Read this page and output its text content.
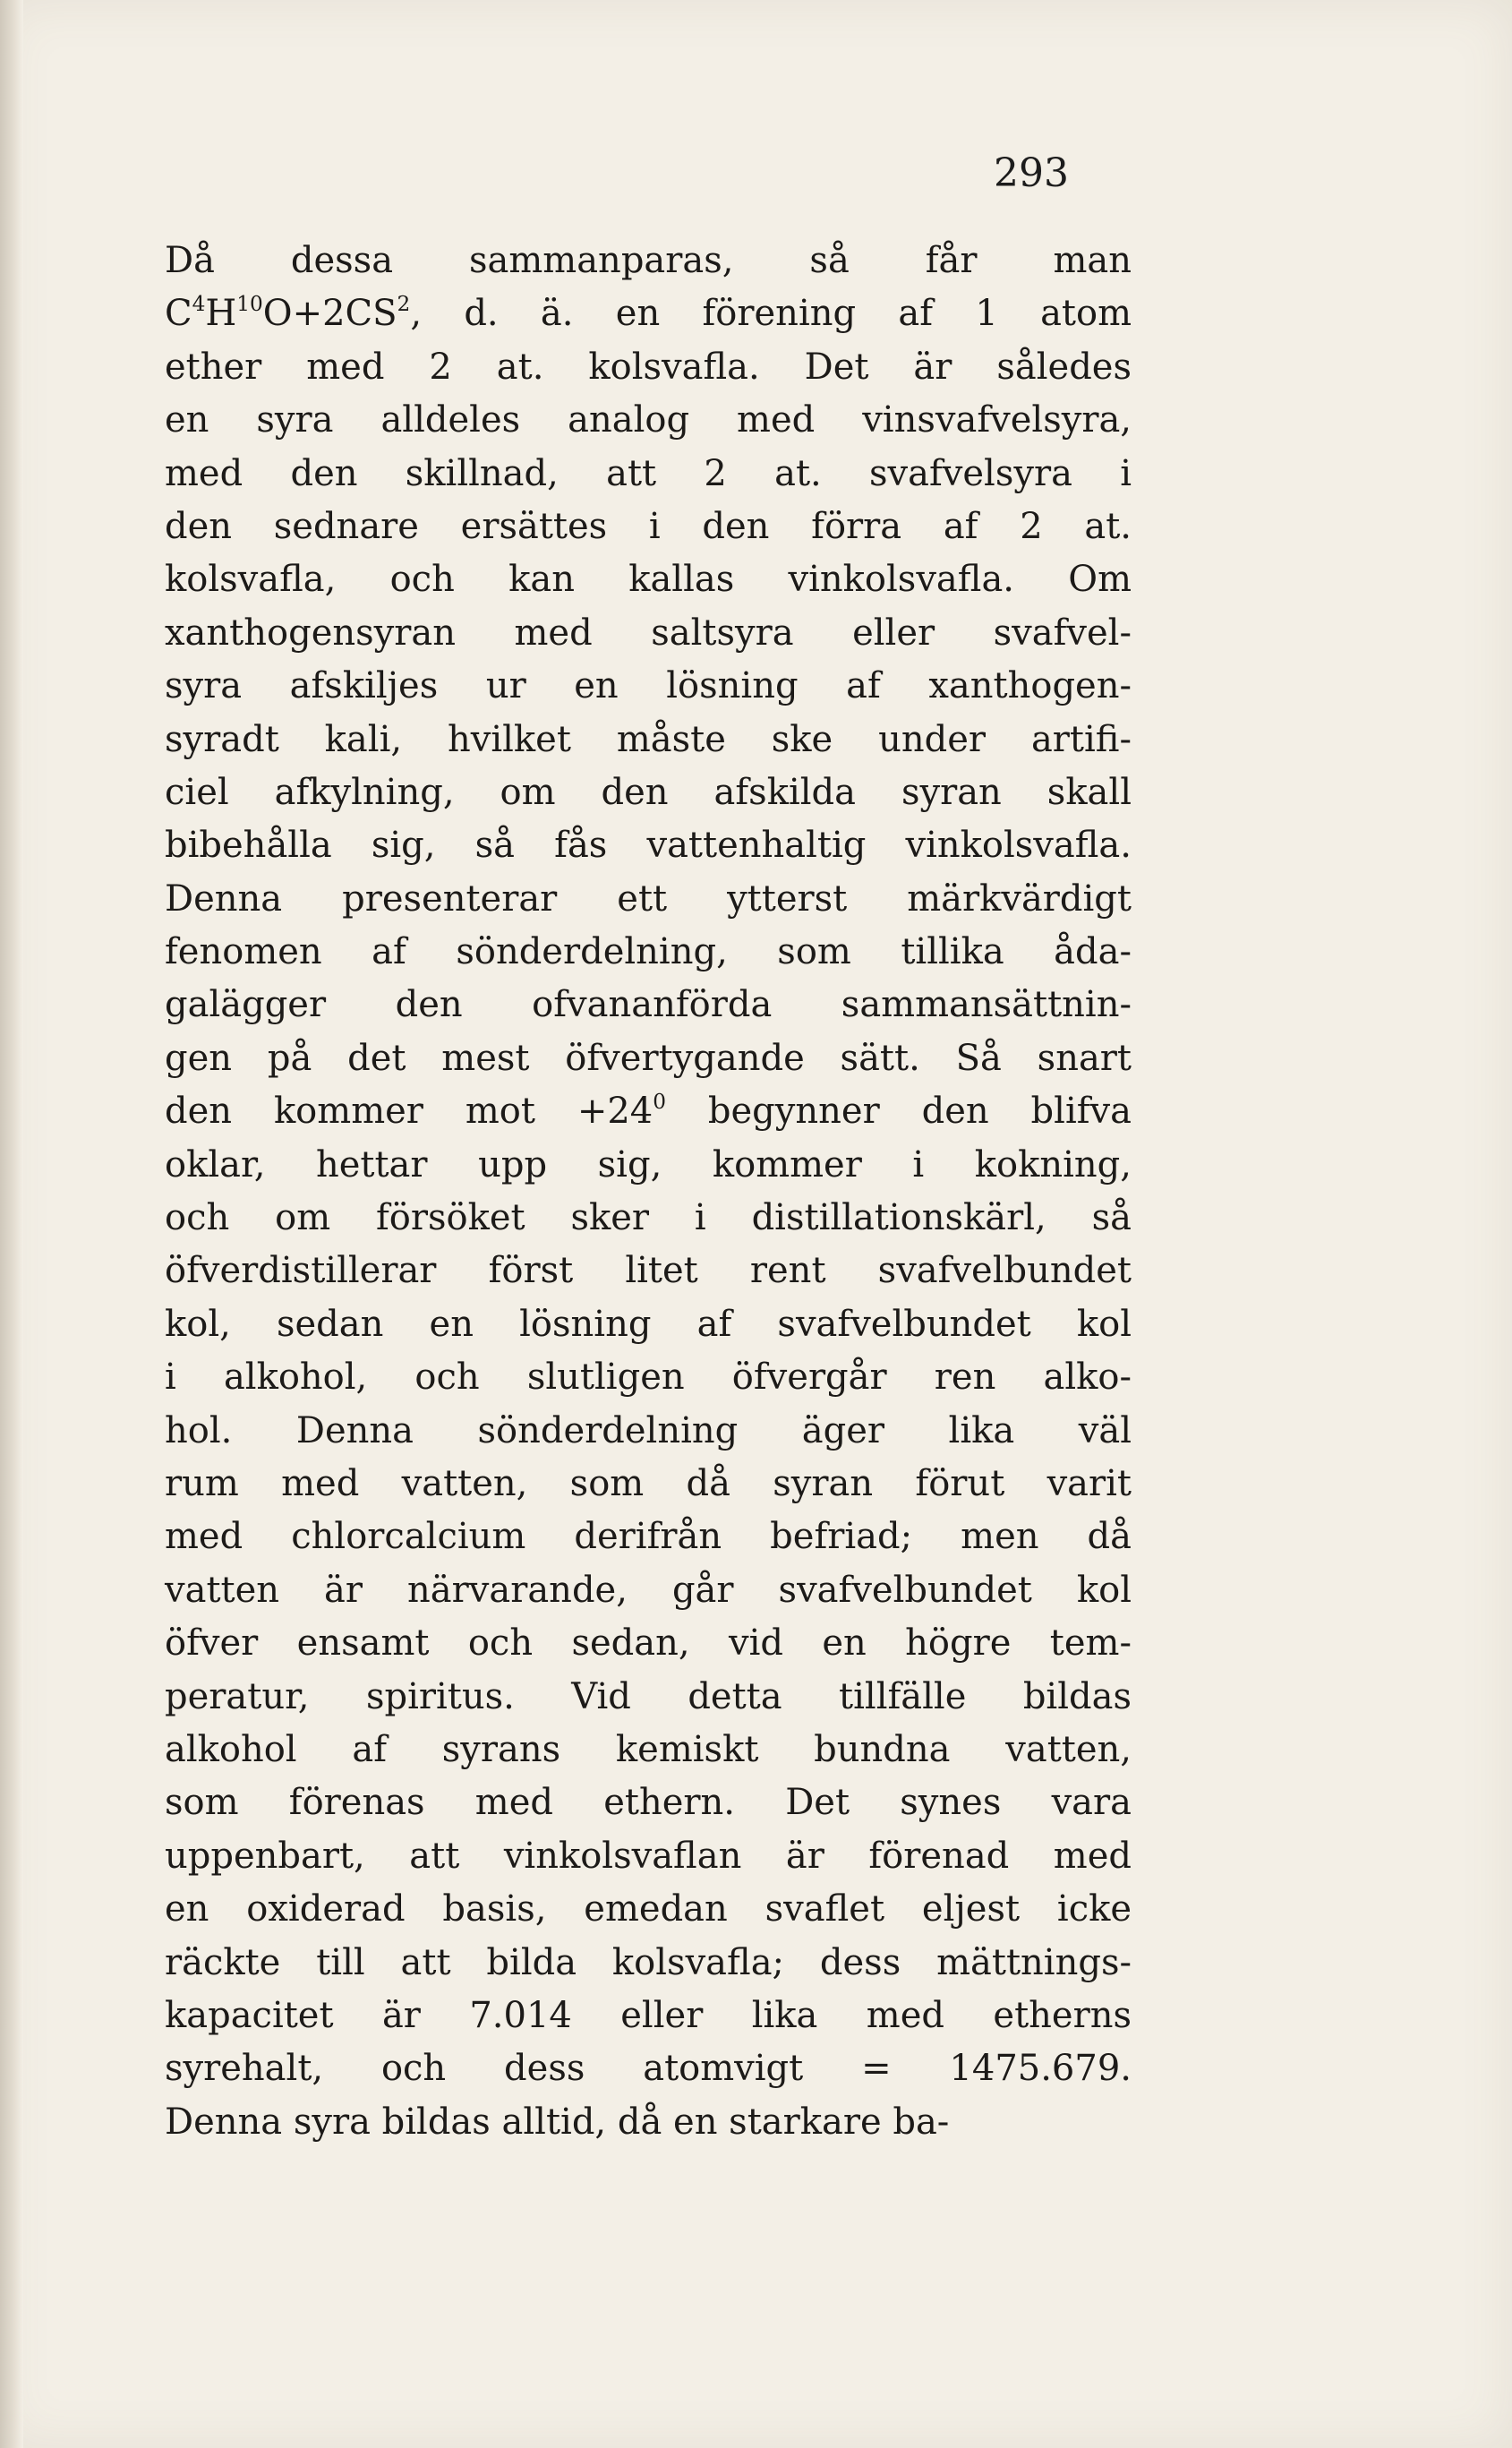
293
Då dessa sammanparas, så får man
$C^4H^{10}O+2CS^2$, d. ä. en förening af 1 atom
ether med 2 at. kolsvafla. Det är således
en syra alldeles analog med vinsvafvelsyra,
med den skillnad, att 2 at. svafvelsyra i
den sednare ersättes i den förra af 2 at.
kolsvafla, och kan kallas vinkolsvafla. Om
xanthogensyran med saltsyra eller svafvel-
syra afskiljes ur en lösning af xanthogen-
syradt kali, hvilket måste ske under artifi-
ciel afkylning, om den afskilda syran skall
bibehålla sig, så fås vattenhaltig vinkolsvafla.
Denna presenterar ett ytterst märkvärdigt
fenomen af sönderdelning, som tillika åda-
galägger den ofvananförda sammansättnin-
gen på det mest öfvertygande sätt. Så snart
den kommer mot $+24^0$ begynner den blifva
oklar, hettar upp sig, kommer i kokning,
och om försöket sker i distillationskärl, så
öfverdistillerar först litet rent svafvelbundet
kol, sedan en lösning af svafvelbundet kol
i alkohol, och slutligen öfvergår ren alko-
hol. Denna sönderdelning äger lika väl
rum med vatten, som då syran förut varit
med chlorcalcium derifrån befriad; men då
vatten är närvarande, går svafvelbundet kol
öfver ensamt och sedan, vid en högre tem-
peratur, spiritus. Vid detta tillfälle bildas
alkohol af syrans kemiskt bundna vatten,
som förenas med ethern. Det synes vara
uppenbart, att vinkolsvaflan är förenad med
en oxiderad basis, emedan svaflet eljest icke
räckte till att bilda kolsvafla; dess mättnings-
kapacitet är 7.014 eller lika med etherns
syrehalt, och dess atomvigt = 1475.679.
Denna syra bildas alltid, då en starkare ba-
